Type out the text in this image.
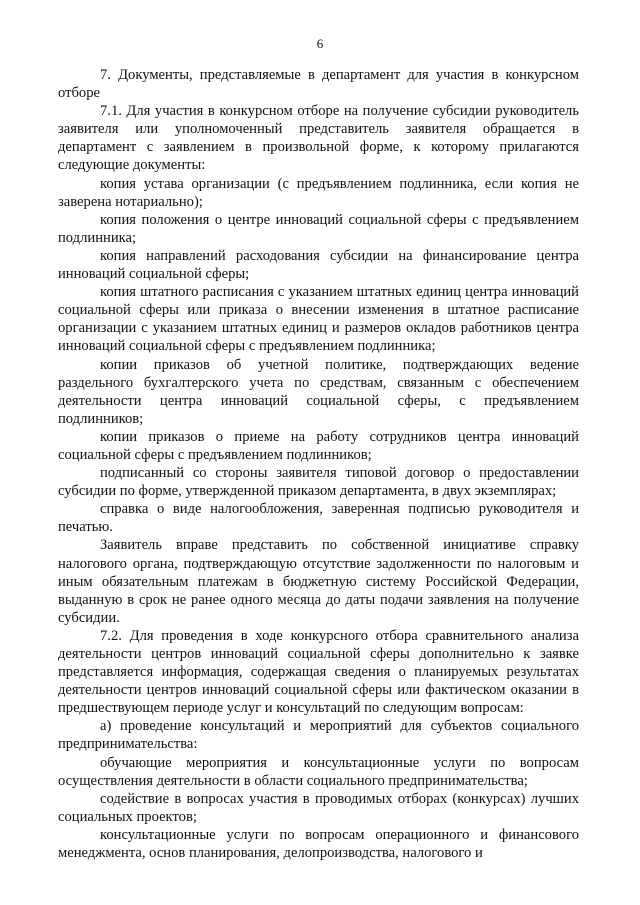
6

7. Документы, представляемые в департамент для участия в конкурсном отборе

7.1. Для участия в конкурсном отборе на получение субсидии руководитель заявителя или уполномоченный представитель заявителя обращается в департамент с заявлением в произвольной форме, к которому прилагаются следующие документы:

копия устава организации (с предъявлением подлинника, если копия не заверена нотариально);

копия положения о центре инноваций социальной сферы с предъявлением подлинника;

копия направлений расходования субсидии на финансирование центра инноваций социальной сферы;

копия штатного расписания с указанием штатных единиц центра инноваций социальной сферы или приказа о внесении изменения в штатное расписание организации с указанием штатных единиц и размеров окладов работников центра инноваций социальной сферы с предъявлением подлинника;

копии приказов об учетной политике, подтверждающих ведение раздельного бухгалтерского учета по средствам, связанным с обеспечением деятельности центра инноваций социальной сферы, с предъявлением подлинников;

копии приказов о приеме на работу сотрудников центра инноваций социальной сферы с предъявлением подлинников;

подписанный со стороны заявителя типовой договор о предоставлении субсидии по форме, утвержденной приказом департамента, в двух экземплярах;

справка о виде налогообложения, заверенная подписью руководителя и печатью.

Заявитель вправе представить по собственной инициативе справку налогового органа, подтверждающую отсутствие задолженности по налоговым и иным обязательным платежам в бюджетную систему Российской Федерации, выданную в срок не ранее одного месяца до даты подачи заявления на получение субсидии.

7.2. Для проведения в ходе конкурсного отбора сравнительного анализа деятельности центров инноваций социальной сферы дополнительно к заявке представляется информация, содержащая сведения о планируемых результатах деятельности центров инноваций социальной сферы или фактическом оказании в предшествующем периоде услуг и консультаций по следующим вопросам:

а) проведение консультаций и мероприятий для субъектов социального предпринимательства:

обучающие мероприятия и консультационные услуги по вопросам осуществления деятельности в области социального предпринимательства;

содействие в вопросах участия в проводимых отборах (конкурсах) лучших социальных проектов;

консультационные услуги по вопросам операционного и финансового менеджмента, основ планирования, делопроизводства, налогового и
